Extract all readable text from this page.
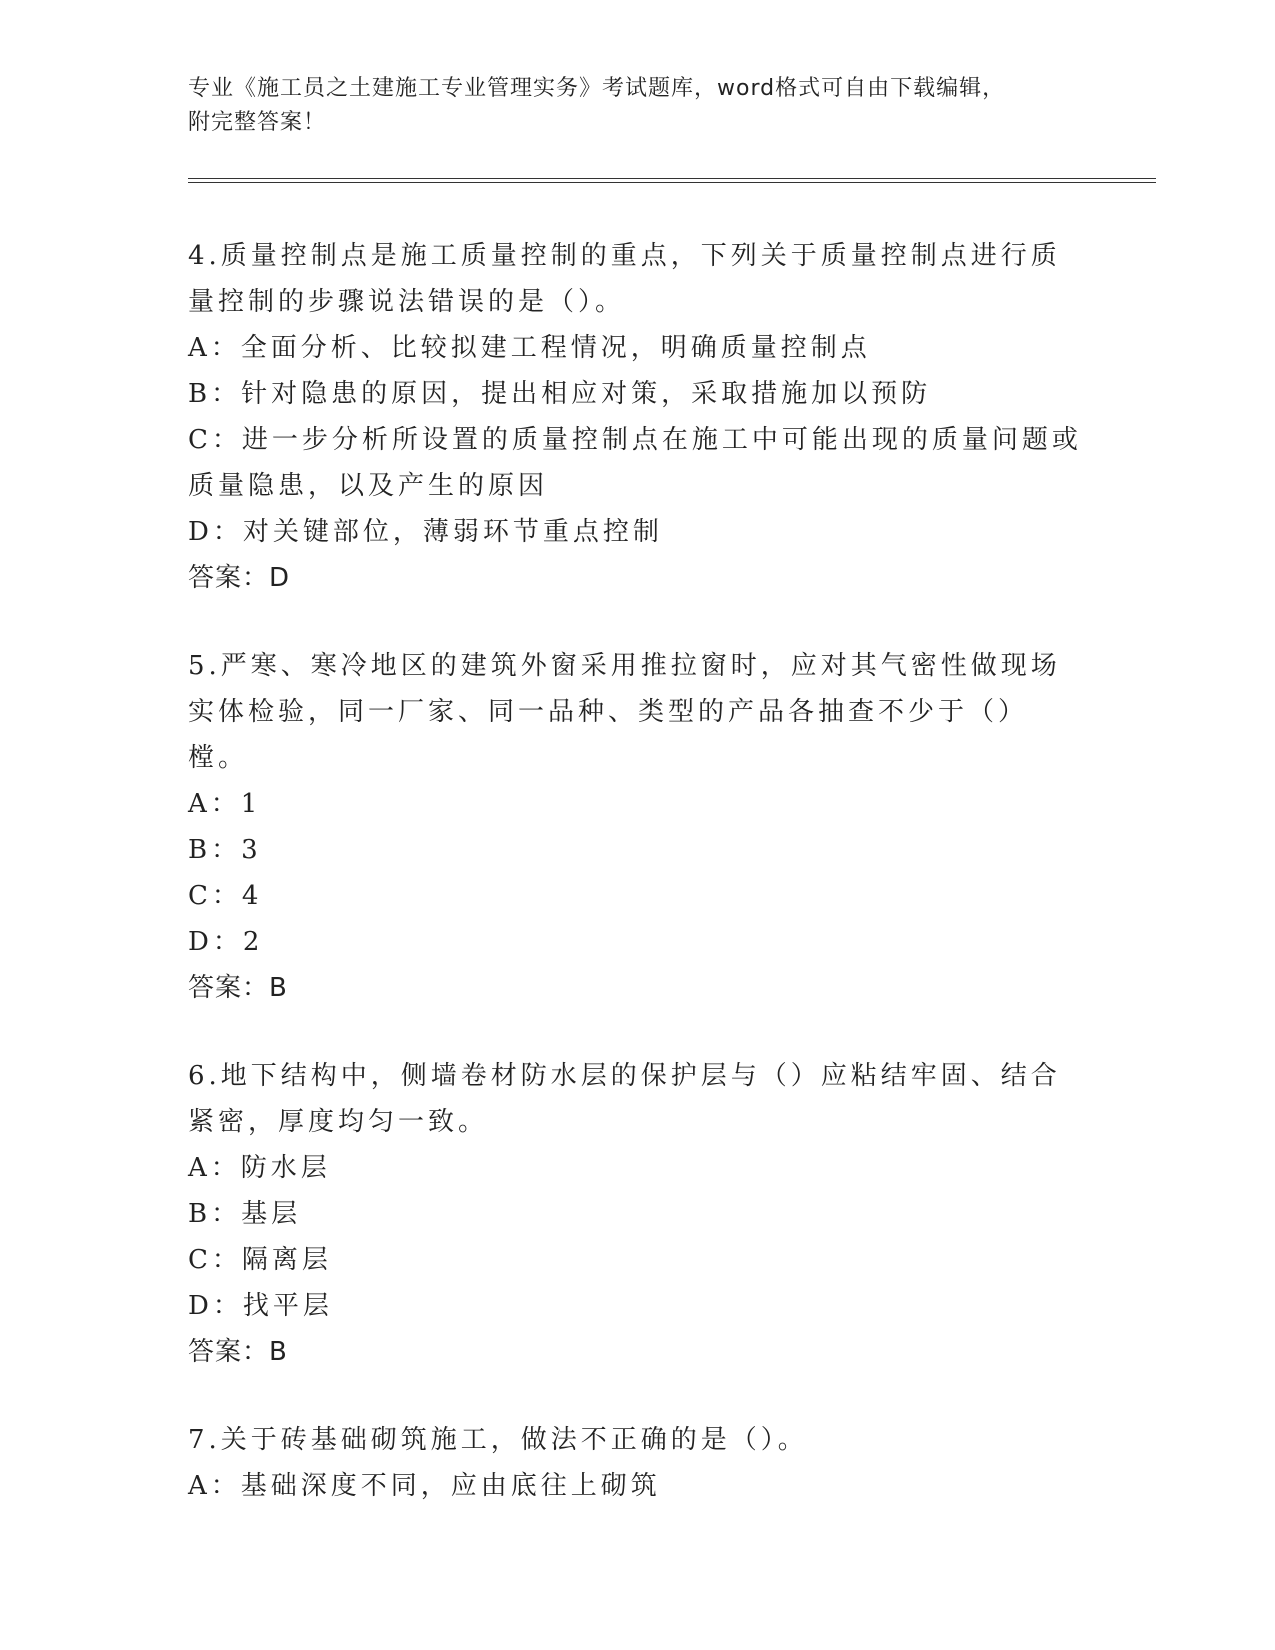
专业《施工员之土建施工专业管理实务》考试题库，word格式可自由下载编辑，
附完整答案！

4.质量控制点是施工质量控制的重点，下列关于质量控制点进行质量控制的步骤说法错误的是（）。

A：全面分析、比较拟建工程情况，明确质量控制点

B：针对隐患的原因，提出相应对策，采取措施加以预防

C：进一步分析所设置的质量控制点在施工中可能出现的质量问题或质量隐患，以及产生的原因

D：对关键部位，薄弱环节重点控制

答案：D

5.严寒、寒冷地区的建筑外窗采用推拉窗时，应对其气密性做现场实体检验，同一厂家、同一品种、类型的产品各抽查不少于（）樘。

A：1

B：3

C：4

D：2

答案：B

6.地下结构中，侧墙卷材防水层的保护层与（）应粘结牢固、结合紧密，厚度均匀一致。

A：防水层

B：基层

C：隔离层

D：找平层

答案：B

7.关于砖基础砌筑施工，做法不正确的是（）。

A：基础深度不同，应由底往上砌筑
